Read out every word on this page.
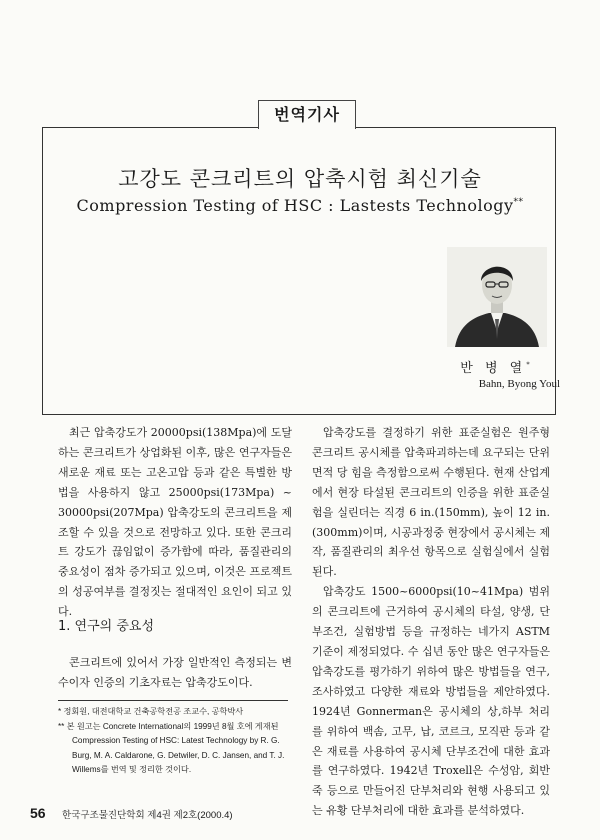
번역기사
고강도 콘크리트의 압축시험 최신기술
Compression Testing of HSC : Lastests Technology**
반 병 열*
Bahn, Byong Youl

최근 압축강도가 20000psi(138Mpa)에 도달하는 콘크리트가 상업화된 이후, 많은 연구자들은 새로운 재료 또는 고온고압 등과 같은 특별한 방법을 사용하지 않고 25000psi(173Mpa) ~ 30000psi(207Mpa) 압축강도의 콘크리트을 제조할 수 있을 것으로 전망하고 있다. 또한 콘크리트 강도가 끊임없이 증가함에 따라, 품질관리의 중요성이 점차 증가되고 있으며, 이것은 프로젝트의 성공여부를 결정짓는 절대적인 요인이 되고 있다.

1. 연구의 중요성

콘크리트에 있어서 가장 일반적인 측정되는 변수이자 인증의 기초자료는 압축강도이다.

* 정회원, 대전대학교 건축공학전공 조교수, 공학박사

** 본 원고는 Concrete International의 1999년 8월 호에 게재된 Compression Testing of HSC: Latest Technology by R. G. Burg, M. A. Caldarone, G. Detwiler, D. C. Jansen, and T. J. Willems를 번역 및 정리한 것이다.

압축강도를 결정하기 위한 표준실험은 원주형 콘크리트 공시체를 압축파괴하는데 요구되는 단위면적 당 힘을 측정함으로써 수행된다. 현재 산업계에서 현장 타설된 콘크리트의 인증을 위한 표준실험을 실린더는 직경 6 in.(150mm), 높이 12 in.(300mm)이며, 시공과정중 현장에서 공시체는 제작, 품질관리의 최우선 항목으로 실험실에서 실험된다.

압축강도 1500~6000psi(10~41Mpa) 범위의 콘크리트에 근거하여 공시체의 타설, 양생, 단부조건, 실험방법 등을 규정하는 네가지 ASTM 기준이 제정되었다. 수 십년 동안 많은 연구자들은 압축강도를 평가하기 위하여 많은 방법들을 연구, 조사하였고 다양한 재료와 방법들을 제안하였다. 1924년 Gonnerman은 공시체의 상,하부 처리를 위하여 백솜, 고무, 납, 코르크, 모직판 등과 같은 재료를 사용하여 공시체 단부조건에 대한 효과를 연구하였다. 1942년 Troxell은 수성암, 회반죽 등으로 만들어진 단부처리와 현행 사용되고 있는 유황 단부처리에 대한 효과를 분석하였다.

56 한국구조물진단학회 제4권 제2호(2000.4)
